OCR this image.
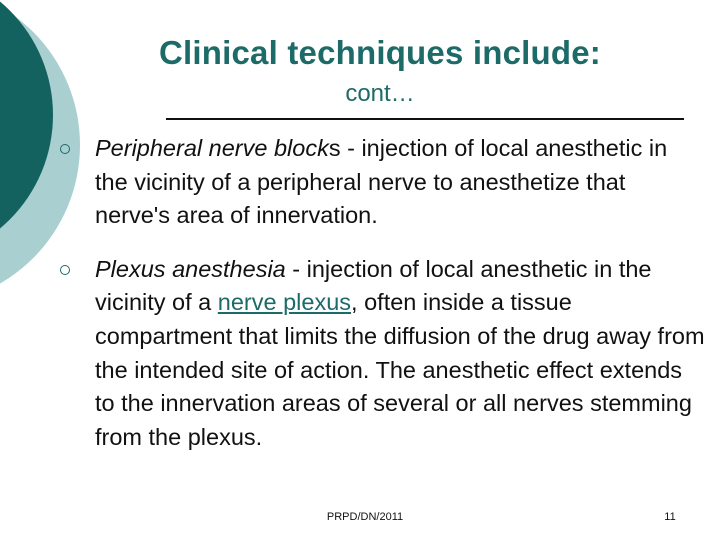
Clinical techniques include:
cont…
Peripheral nerve blocks - injection of local anesthetic in the vicinity of a peripheral nerve to anesthetize that nerve's area of innervation.
Plexus anesthesia - injection of local anesthetic in the vicinity of a nerve plexus, often inside a tissue compartment that limits the diffusion of the drug away from the intended site of action. The anesthetic effect extends to the innervation areas of several or all nerves stemming from the plexus.
PRPD/DN/2011	11
